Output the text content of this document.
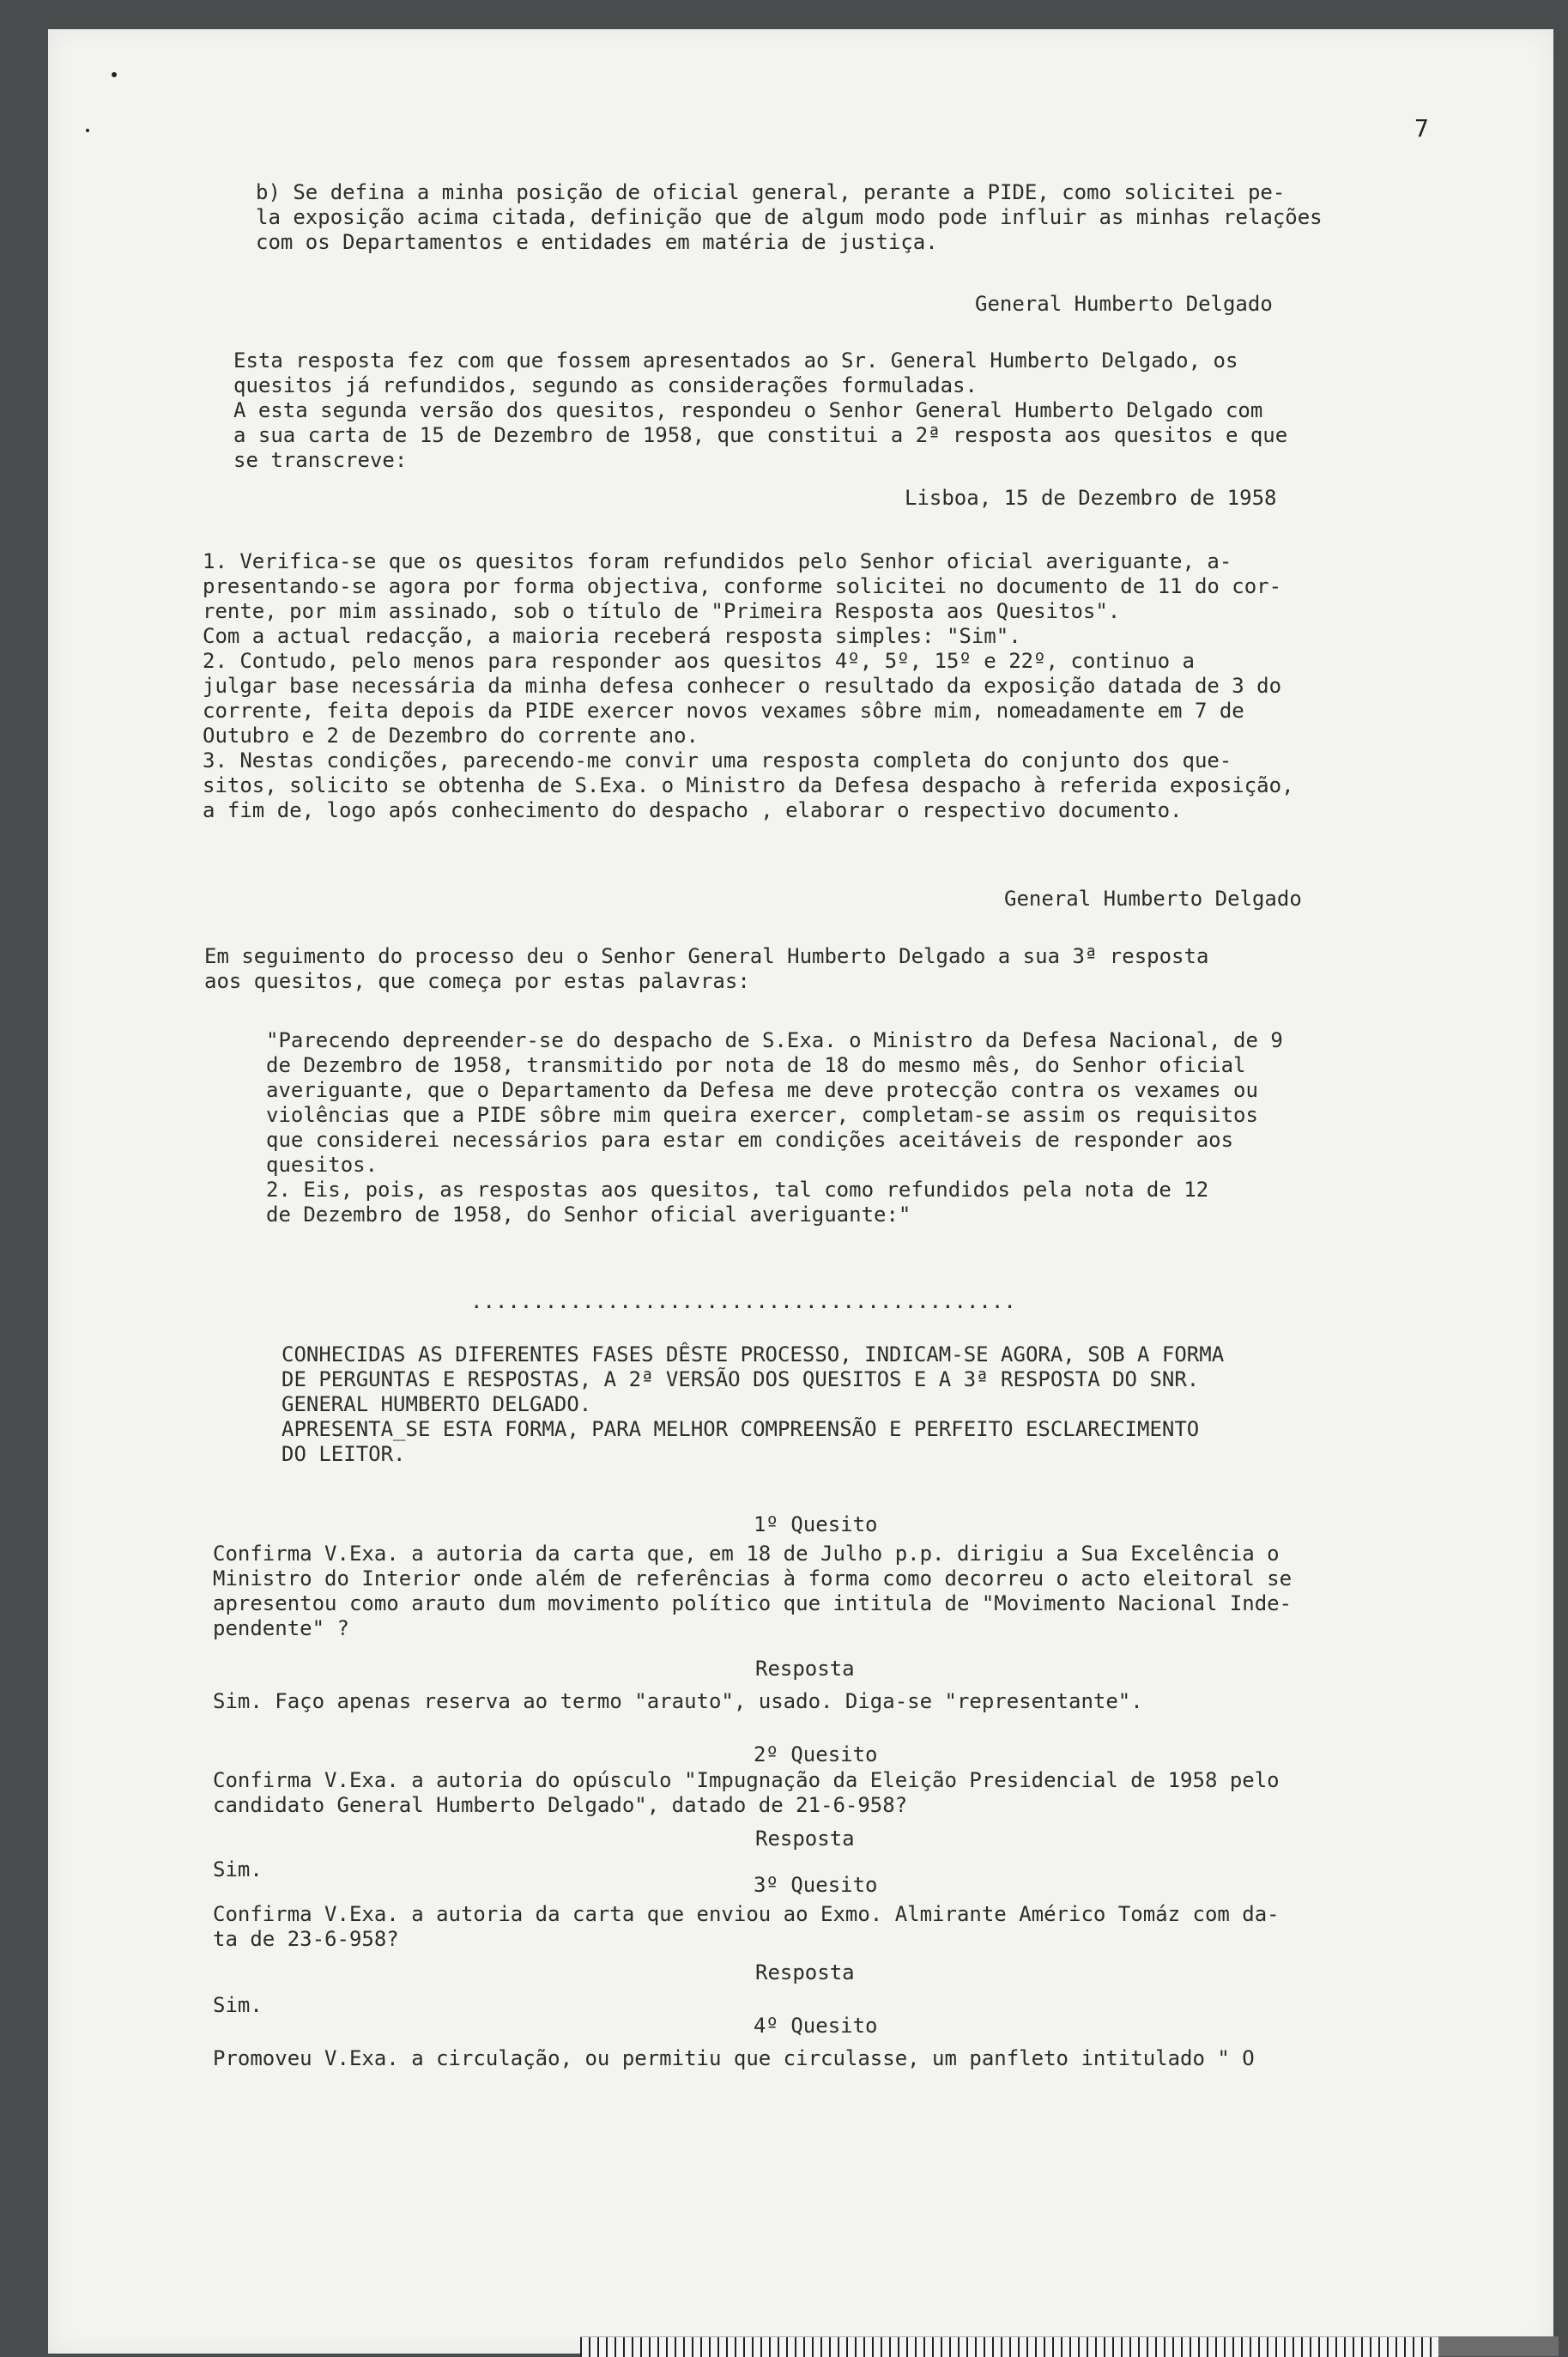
7
b) Se defina a minha posição de oficial general, perante a PIDE, como solicitei pe-
la exposição acima citada, definição que de algum modo pode influir as minhas relações
com os Departamentos e entidades em matéria de justiça.
General Humberto Delgado
Esta resposta fez com que fossem apresentados ao Sr. General Humberto Delgado, os
quesitos já refundidos, segundo as considerações formuladas.
A esta segunda versão dos quesitos, respondeu o Senhor General Humberto Delgado com
a sua carta de 15 de Dezembro de 1958, que constitui a 2ª resposta aos quesitos e que
se transcreve:
Lisboa, 15 de Dezembro de 1958
1. Verifica-se que os quesitos foram refundidos pelo Senhor oficial averiguante, a-
presentando-se agora por forma objectiva, conforme solicitei no documento de 11 do cor-
rente, por mim assinado, sob o título de "Primeira Resposta aos Quesitos".
Com a actual redacção, a maioria receberá resposta simples: "Sim".
2. Contudo, pelo menos para responder aos quesitos 4º, 5º, 15º e 22º, continuo a
julgar base necessária da minha defesa conhecer o resultado da exposição datada de 3 do
corrente, feita depois da PIDE exercer novos vexames sôbre mim, nomeadamente em 7 de
Outubro e 2 de Dezembro do corrente ano.
3. Nestas condições, parecendo-me convir uma resposta completa do conjunto dos que-
sitos, solicito se obtenha de S.Exa. o Ministro da Defesa despacho à referida exposição,
a fim de, logo após conhecimento do despacho , elaborar o respectivo documento.
General Humberto Delgado
Em seguimento do processo deu o Senhor General Humberto Delgado a sua 3ª resposta
aos quesitos, que começa por estas palavras:
"Parecendo depreender-se do despacho de S.Exa. o Ministro da Defesa Nacional, de 9
de Dezembro de 1958, transmitido por nota de 18 do mesmo mês, do Senhor oficial
averiguante, que o Departamento da Defesa me deve protecção contra os vexames ou
violências que a PIDE sôbre mim queira exercer, completam-se assim os requisitos
que considerei necessários para estar em condições aceitáveis de responder aos
quesitos.
2. Eis, pois, as respostas aos quesitos, tal como refundidos pela nota de 12
de Dezembro de 1958, do Senhor oficial averiguante:"
............................................
CONHECIDAS AS DIFERENTES FASES DÊSTE PROCESSO, INDICAM-SE AGORA, SOB A FORMA
DE PERGUNTAS E RESPOSTAS, A 2ª VERSÃO DOS QUESITOS E A 3ª RESPOSTA DO SNR.
GENERAL HUMBERTO DELGADO.
APRESENTA_SE ESTA FORMA, PARA MELHOR COMPREENSÃO E PERFEITO ESCLARECIMENTO
DO LEITOR.
1º Quesito
Confirma V.Exa. a autoria da carta que, em 18 de Julho p.p. dirigiu a Sua Excelência o
Ministro do Interior onde além de referências à forma como decorreu o acto eleitoral se
apresentou como arauto dum movimento político que intitula de "Movimento Nacional Inde-
pendente" ?
Resposta
Sim. Faço apenas reserva ao termo "arauto", usado. Diga-se "representante".
2º Quesito
Confirma V.Exa. a autoria do opúsculo "Impugnação da Eleição Presidencial de 1958 pelo
candidato General Humberto Delgado", datado de 21-6-958?
Resposta
Sim.
3º Quesito
Confirma V.Exa. a autoria da carta que enviou ao Exmo. Almirante Américo Tomáz com da-
ta de 23-6-958?
Resposta
Sim.
4º Quesito
Promoveu V.Exa. a circulação, ou permitiu que circulasse, um panfleto intitulado " O
